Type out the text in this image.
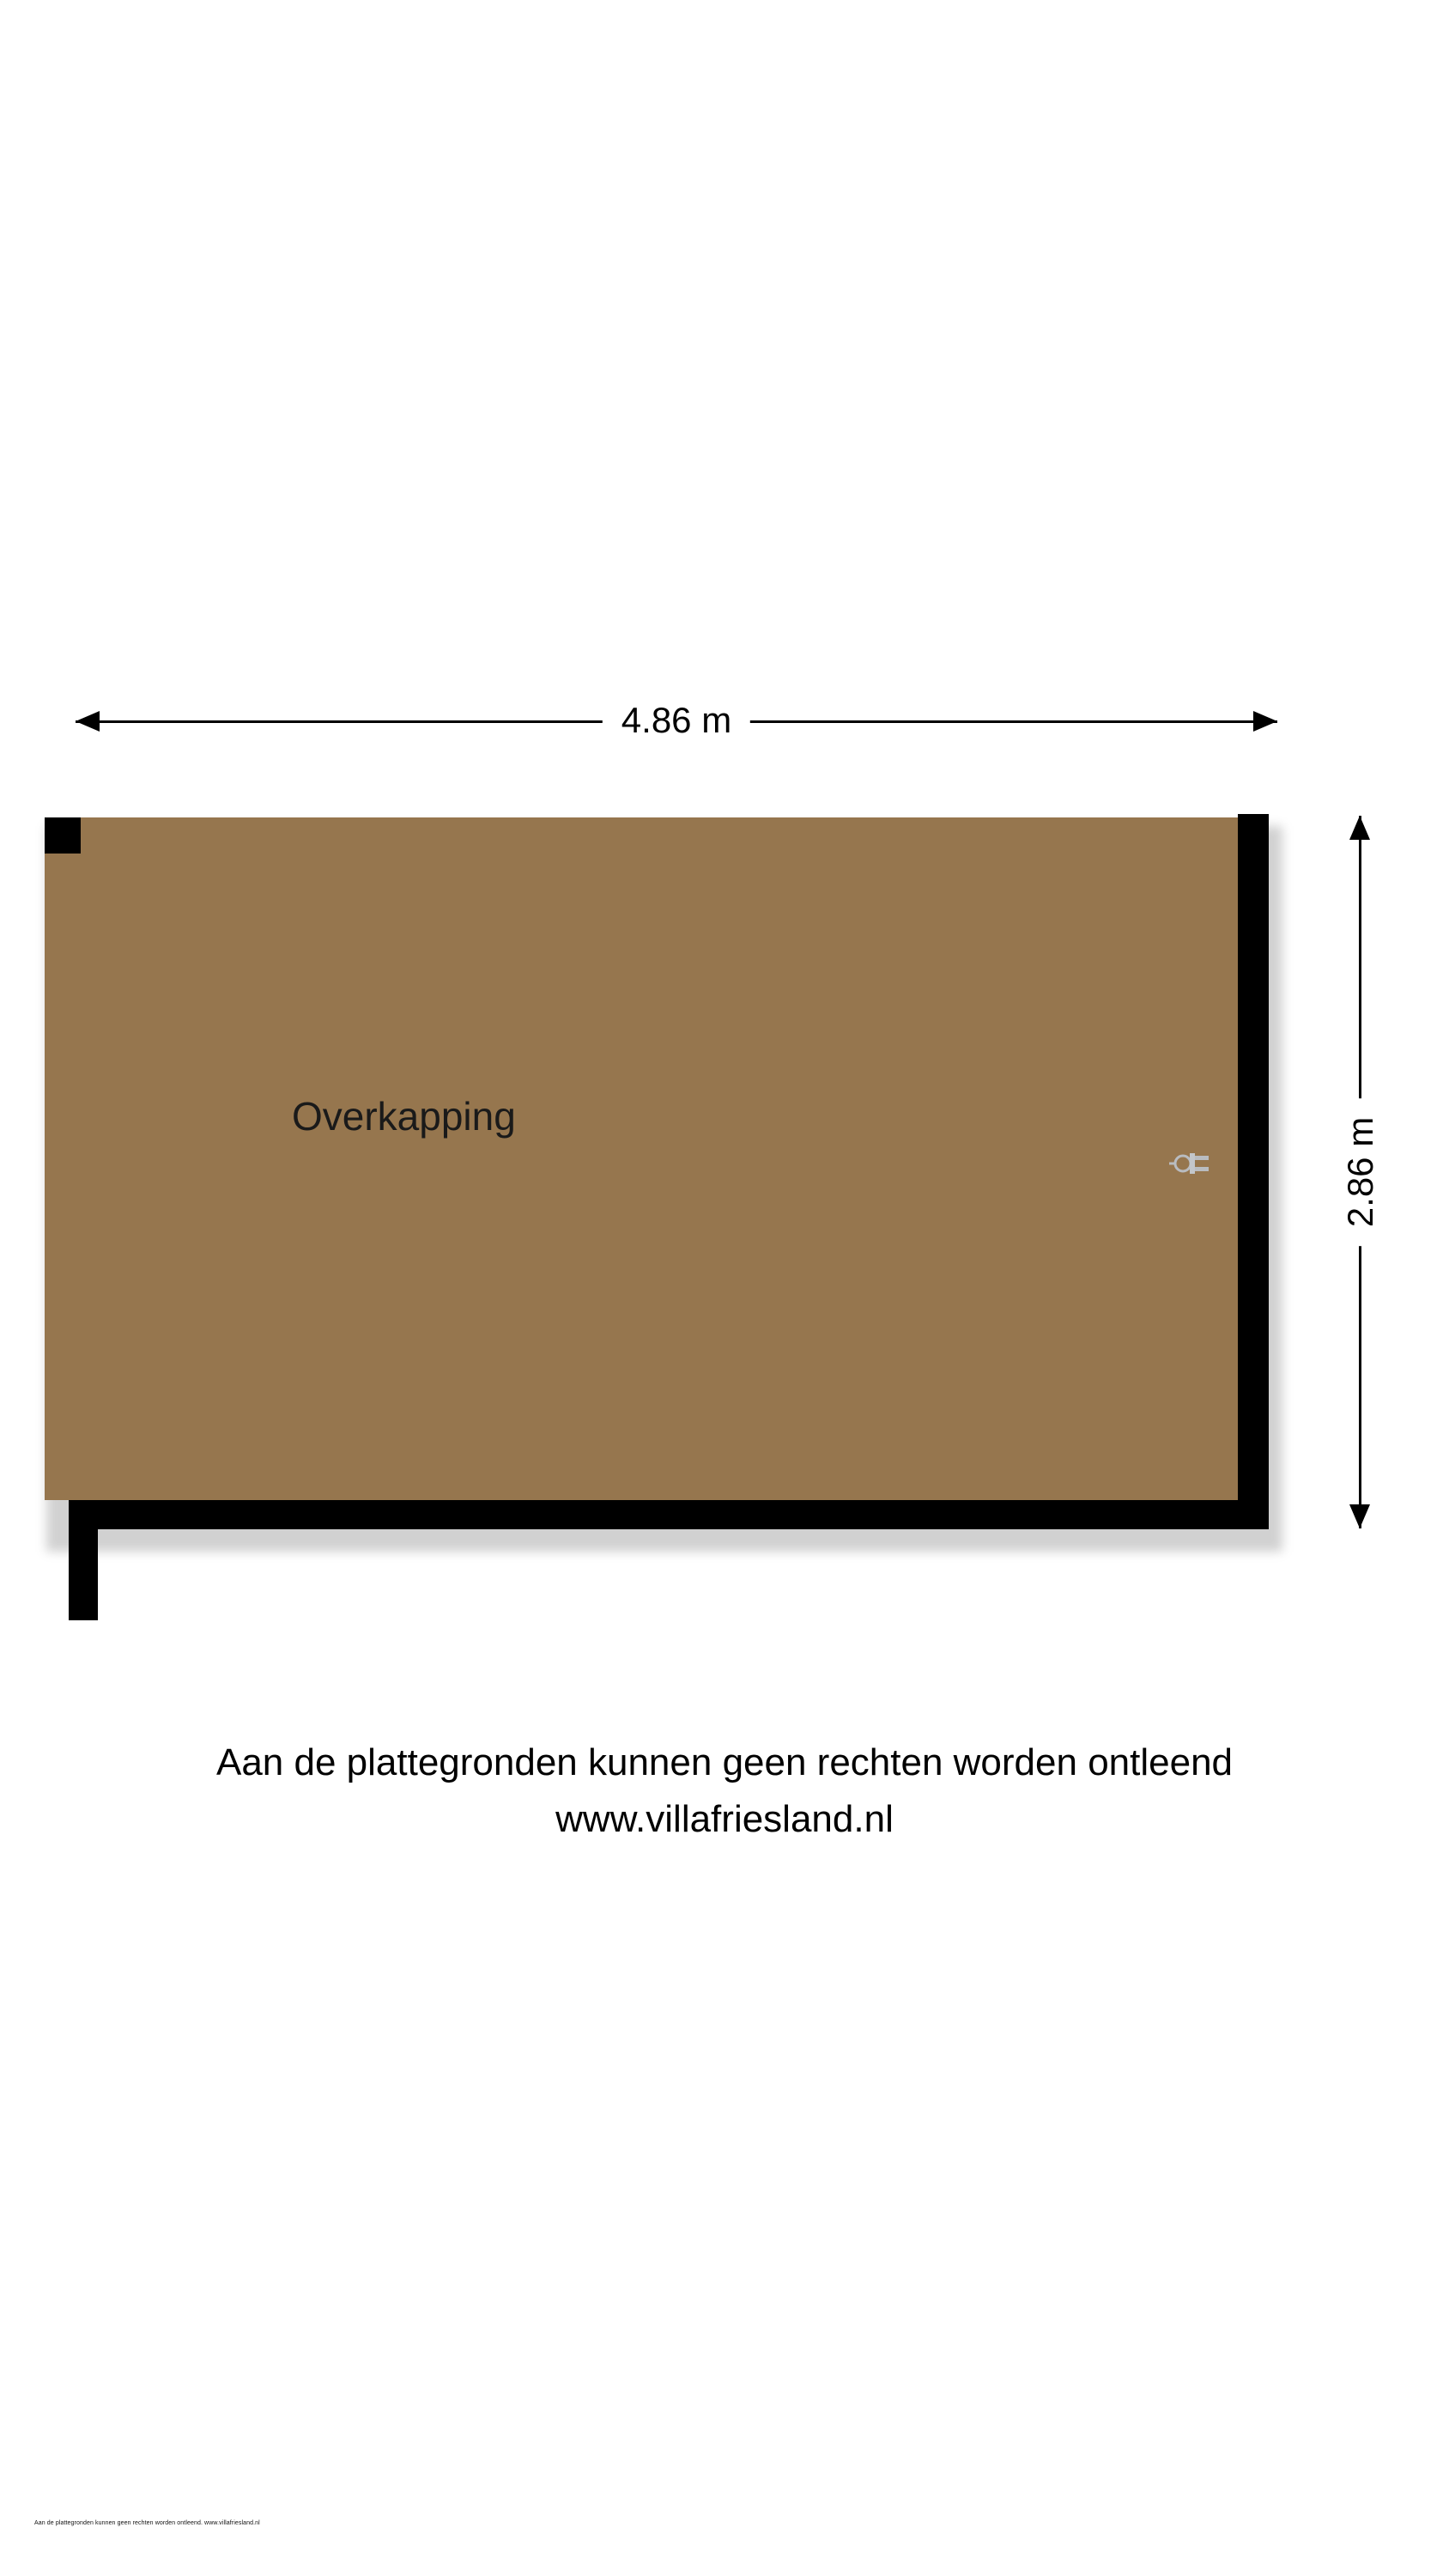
4.86 m
2.86 m
Overkapping
Aan de plattegronden kunnen geen rechten worden ontleend
www.villafriesland.nl
Aan de plattegronden kunnen geen rechten worden ontleend. www.villafriesland.nl
